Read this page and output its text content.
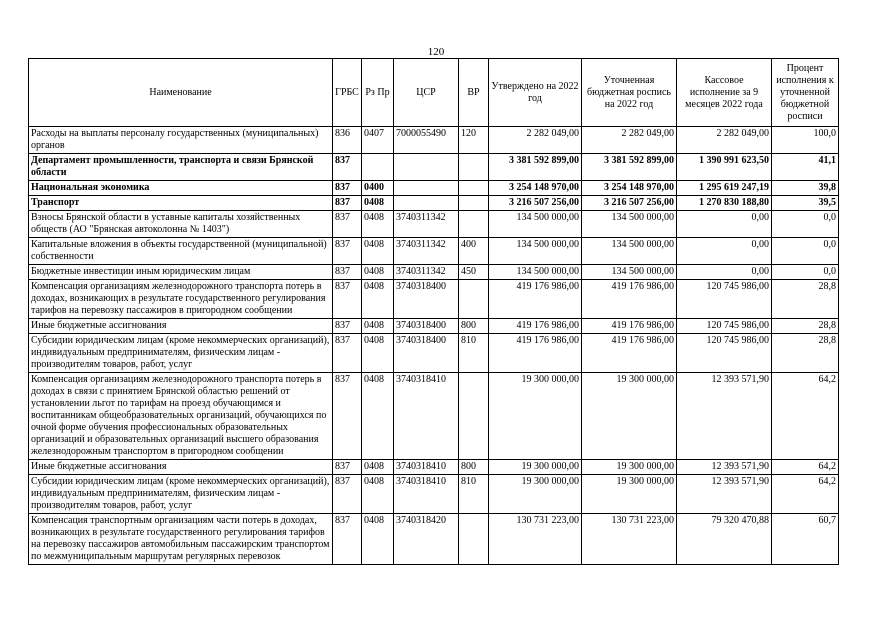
120
Наименование	ГРБС	Рз Пр	ЦСР	ВР	Утверждено на 2022 год	Уточненная бюджетная роспись на 2022 год	Кассовое исполнение за 9 месяцев 2022 года	Процент исполнения к уточненной бюджетной росписи
Расходы на выплаты персоналу государственных (муниципальных) органов	836	0407	7000055490	120	2 282 049,00	2 282 049,00	2 282 049,00	100,0
Департамент промышленности, транспорта и связи Брянской области	837				3 381 592 899,00	3 381 592 899,00	1 390 991 623,50	41,1
Национальная экономика	837	0400			3 254 148 970,00	3 254 148 970,00	1 295 619 247,19	39,8
Транспорт	837	0408			3 216 507 256,00	3 216 507 256,00	1 270 830 188,80	39,5
Взносы Брянской области в уставные капиталы хозяйственных обществ (АО "Брянская автоколонна № 1403")	837	0408	3740311342		134 500 000,00	134 500 000,00	0,00	0,0
Капитальные вложения в объекты государственной (муниципальной) собственности	837	0408	3740311342	400	134 500 000,00	134 500 000,00	0,00	0,0
Бюджетные инвестиции иным юридическим лицам	837	0408	3740311342	450	134 500 000,00	134 500 000,00	0,00	0,0
Компенсация организациям железнодорожного транспорта потерь в доходах, возникающих в результате государственного регулирования тарифов на перевозку пассажиров в пригородном сообщении	837	0408	3740318400		419 176 986,00	419 176 986,00	120 745 986,00	28,8
Иные бюджетные ассигнования	837	0408	3740318400	800	419 176 986,00	419 176 986,00	120 745 986,00	28,8
Субсидии юридическим лицам (кроме некоммерческих организаций), индивидуальным предпринимателям, физическим лицам - производителям товаров, работ, услуг	837	0408	3740318400	810	419 176 986,00	419 176 986,00	120 745 986,00	28,8
Компенсация организациям железнодорожного транспорта потерь в доходах в связи с принятием Брянской областью решений от установлении льгот по тарифам на проезд обучающимся и воспитанникам общеобразовательных организаций, обучающихся по очной форме обучения профессиональных образовательных организаций и образовательных организаций высшего образования железнодорожным транспортом в пригородном сообщении	837	0408	3740318410		19 300 000,00	19 300 000,00	12 393 571,90	64,2
Иные бюджетные ассигнования	837	0408	3740318410	800	19 300 000,00	19 300 000,00	12 393 571,90	64,2
Субсидии юридическим лицам (кроме некоммерческих организаций), индивидуальным предпринимателям, физическим лицам - производителям товаров, работ, услуг	837	0408	3740318410	810	19 300 000,00	19 300 000,00	12 393 571,90	64,2
Компенсация транспортным организациям части потерь в доходах, возникающих в результате государственного регулирования тарифов на перевозку пассажиров автомобильным пассажирским транспортом по межмуниципальным маршрутам регулярных перевозок	837	0408	3740318420		130 731 223,00	130 731 223,00	79 320 470,88	60,7
